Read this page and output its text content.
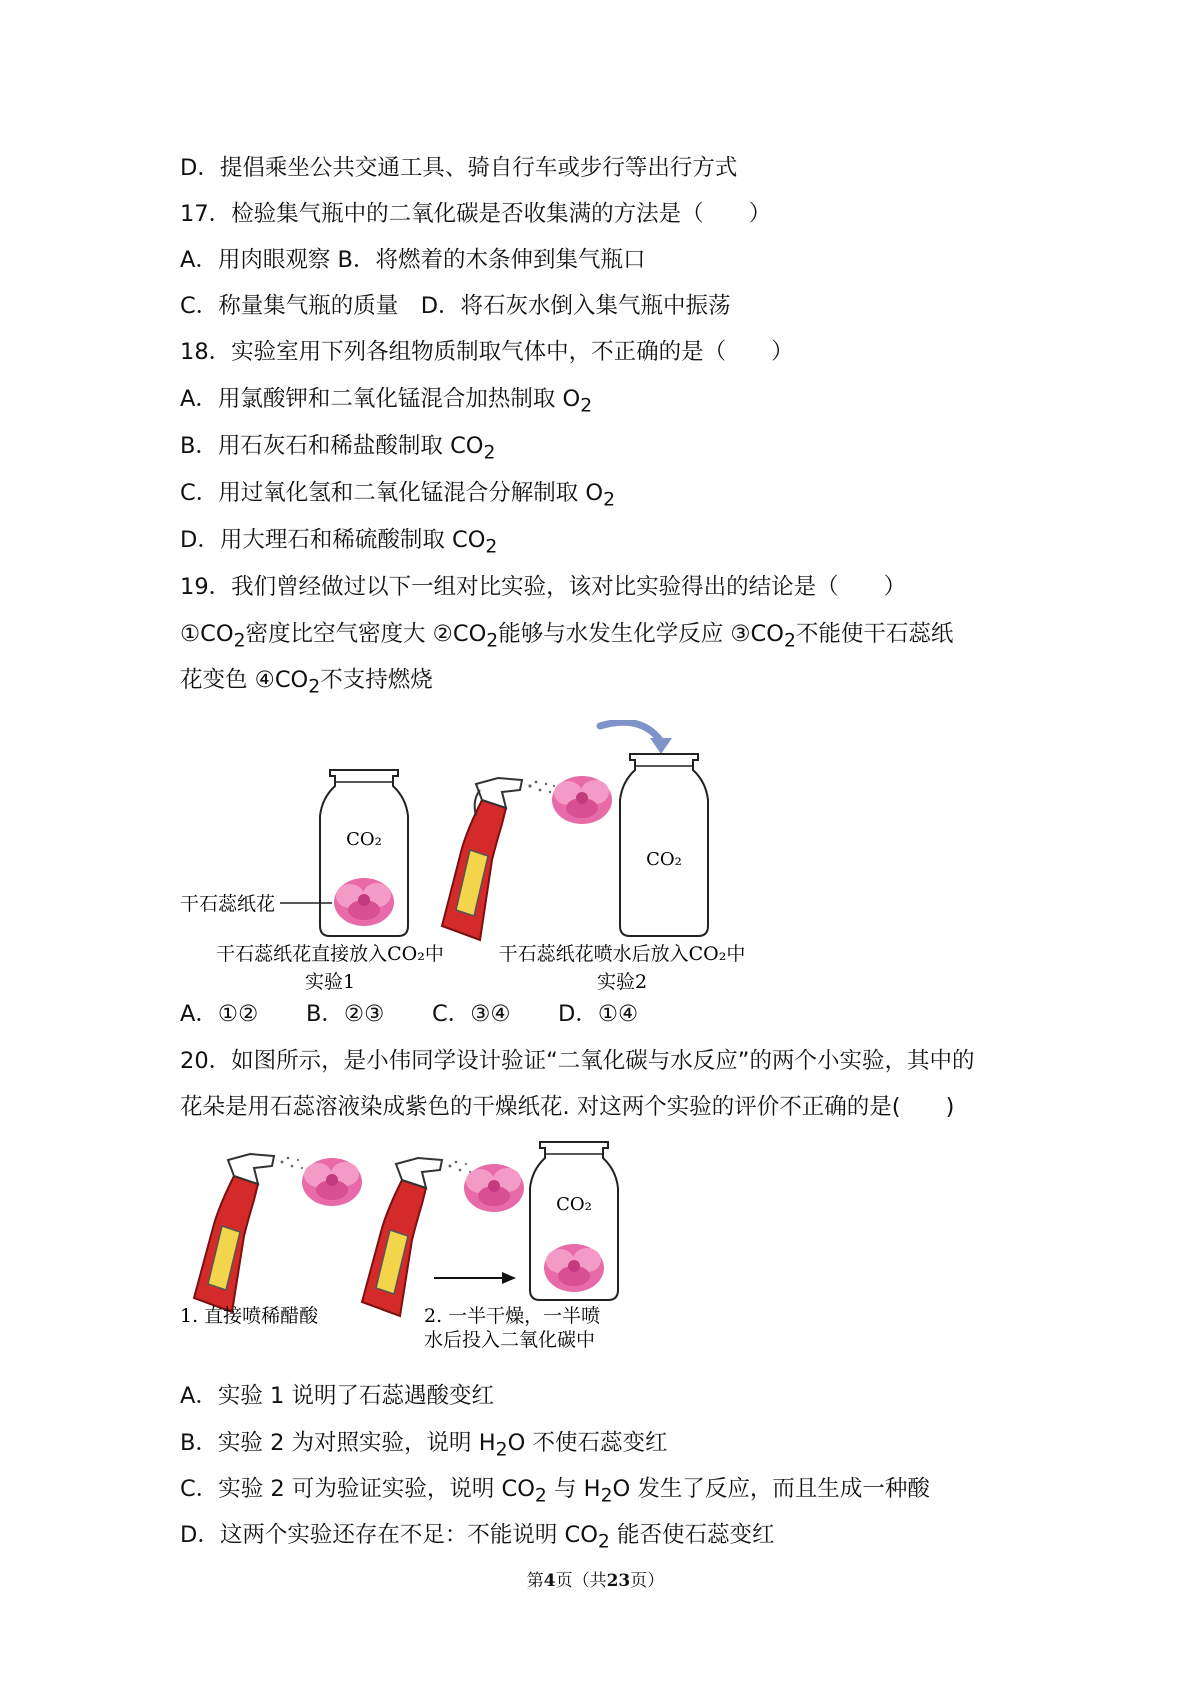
D．提倡乘坐公共交通工具、骑自行车或步行等出行方式
17．检验集气瓶中的二氧化碳是否收集满的方法是（　　）
A．用肉眼观察 B．将燃着的木条伸到集气瓶口
C．称量集气瓶的质量　D．将石灰水倒入集气瓶中振荡
18．实验室用下列各组物质制取气体中，不正确的是（　　）
A．用氯酸钾和二氧化锰混合加热制取 $O_2$
B．用石灰石和稀盐酸制取 $CO_2$
C．用过氧化氢和二氧化锰混合分解制取 $O_2$
D．用大理石和稀硫酸制取 $CO_2$
19．我们曾经做过以下一组对比实验，该对比实验得出的结论是（　　）
$①CO_2$密度比空气密度大 $②CO_2$能够与水发生化学反应 $③CO_2$不能使干石蕊纸
花变色 $④CO_2$不支持燃烧
CO₂
干石蕊纸花
CO₂
干石蕊纸花直接放入CO₂中
实验1
干石蕊纸花喷水后放入CO₂中
实验2
A．①② B．②③ C．③④ D．①④
20．如图所示，是小伟同学设计验证“二氧化碳与水反应”的两个小实验，其中的
花朵是用石蕊溶液染成紫色的干燥纸花. 对这两个实验的评价不正确的是(　　)
CO₂
1. 直接喷稀醋酸	2. 一半干燥，一半喷
水后投入二氧化碳中
A．实验 1 说明了石蕊遇酸变红
B．实验 2 为对照实验，说明 $H_2O$ 不使石蕊变红
C．实验 2 可为验证实验，说明 $CO_2$ 与 $H_2O$ 发生了反应，而且生成一种酸
D．这两个实验还存在不足：不能说明 $CO_2$ 能否使石蕊变红
第4页（共23页）
